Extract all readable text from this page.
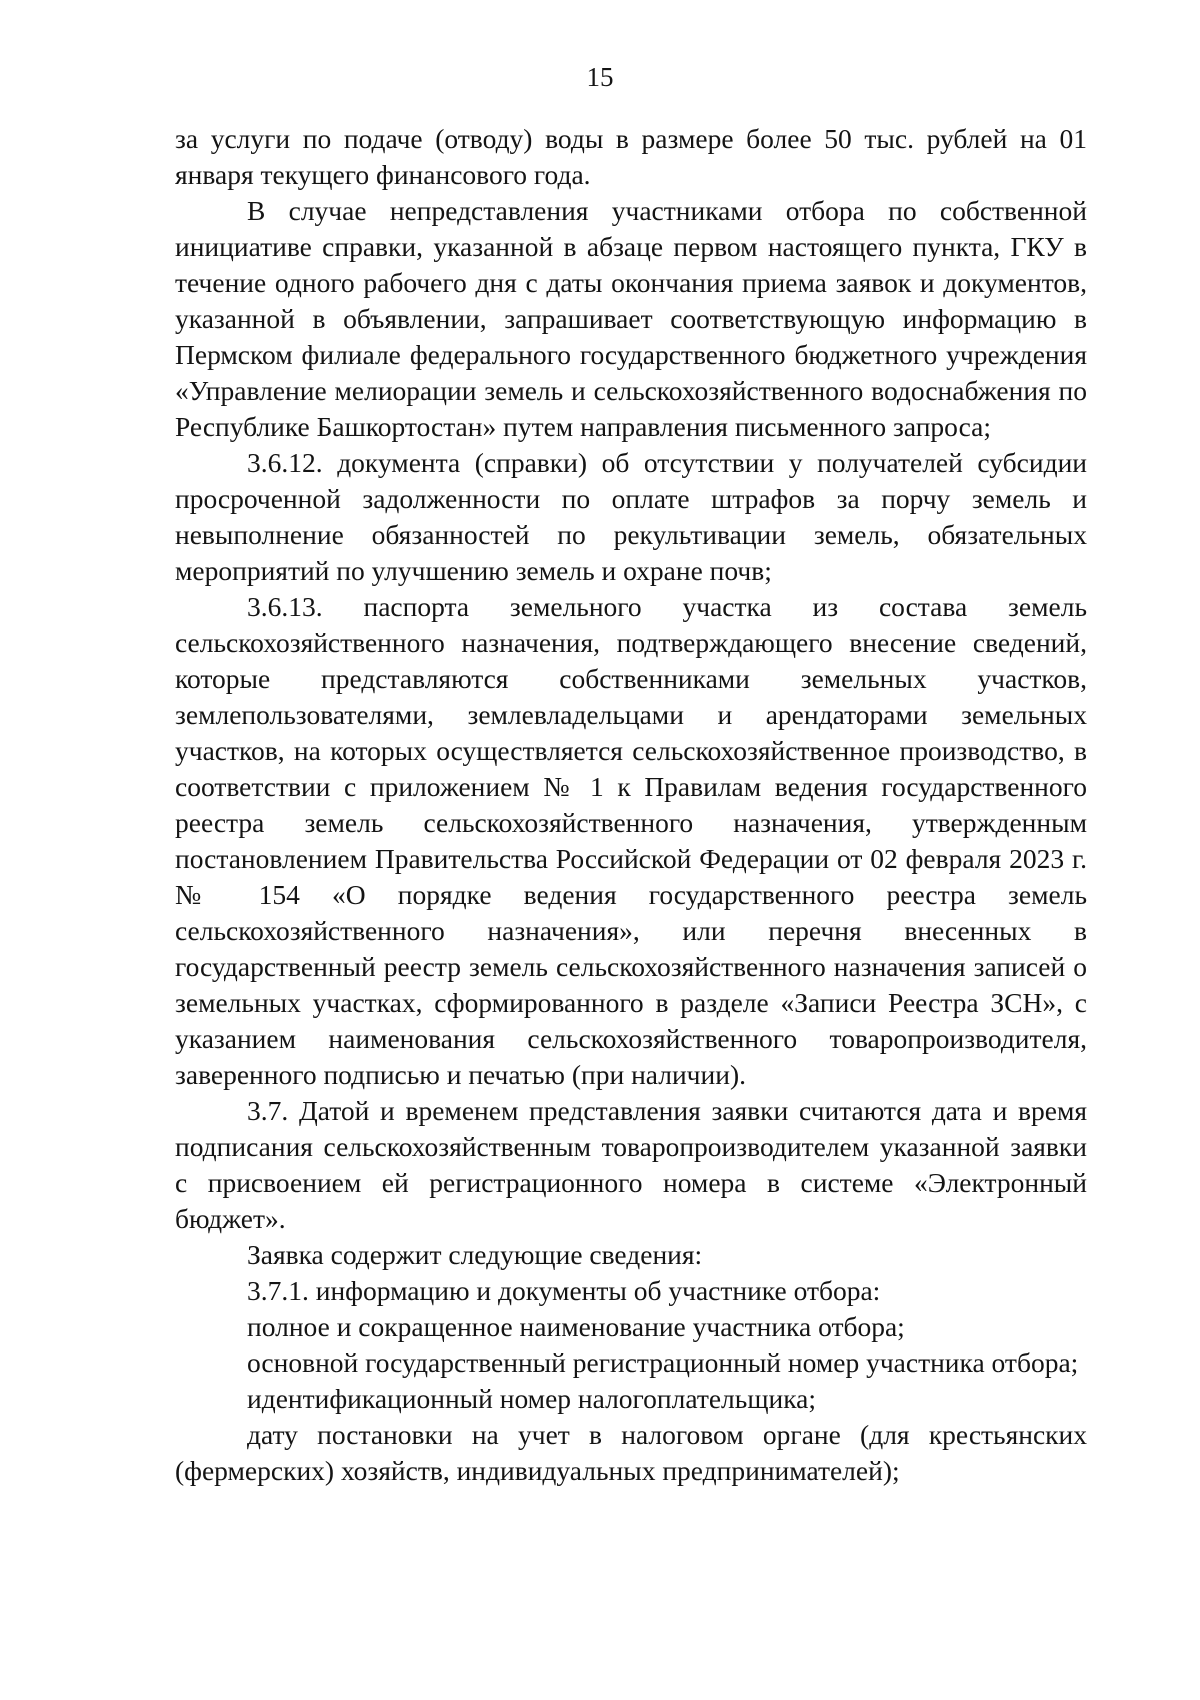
15

за услуги по подаче (отводу) воды в размере более 50 тыс. рублей на 01 января текущего финансового года.

В случае непредставления участниками отбора по собственной инициативе справки, указанной в абзаце первом настоящего пункта, ГКУ в течение одного рабочего дня с даты окончания приема заявок и документов, указанной в объявлении, запрашивает соответствующую информацию в Пермском филиале федерального государственного бюджетного учреждения «Управление мелиорации земель и сельскохозяйственного водоснабжения по Республике Башкортостан» путем направления письменного запроса;

3.6.12. документа (справки) об отсутствии у получателей субсидии просроченной задолженности по оплате штрафов за порчу земель и невыполнение обязанностей по рекультивации земель, обязательных мероприятий по улучшению земель и охране почв;

3.6.13. паспорта земельного участка из состава земель сельскохозяйственного назначения, подтверждающего внесение сведений, которые представляются собственниками земельных участков, землепользователями, землевладельцами и арендаторами земельных участков, на которых осуществляется сельскохозяйственное производство, в соответствии с приложением № 1 к Правилам ведения государственного реестра земель сельскохозяйственного назначения, утвержденным постановлением Правительства Российской Федерации от 02 февраля 2023 г. № 154 «О порядке ведения государственного реестра земель сельскохозяйственного назначения», или перечня внесенных в государственный реестр земель сельскохозяйственного назначения записей о земельных участках, сформированного в разделе «Записи Реестра ЗСН», с указанием наименования сельскохозяйственного товаропроизводителя, заверенного подписью и печатью (при наличии).

3.7. Датой и временем представления заявки считаются дата и время подписания сельскохозяйственным товаропроизводителем указанной заявки с присвоением ей регистрационного номера в системе «Электронный бюджет».

Заявка содержит следующие сведения:

3.7.1. информацию и документы об участнике отбора:

полное и сокращенное наименование участника отбора;

основной государственный регистрационный номер участника отбора;

идентификационный номер налогоплательщика;

дату постановки на учет в налоговом органе (для крестьянских (фермерских) хозяйств, индивидуальных предпринимателей);
